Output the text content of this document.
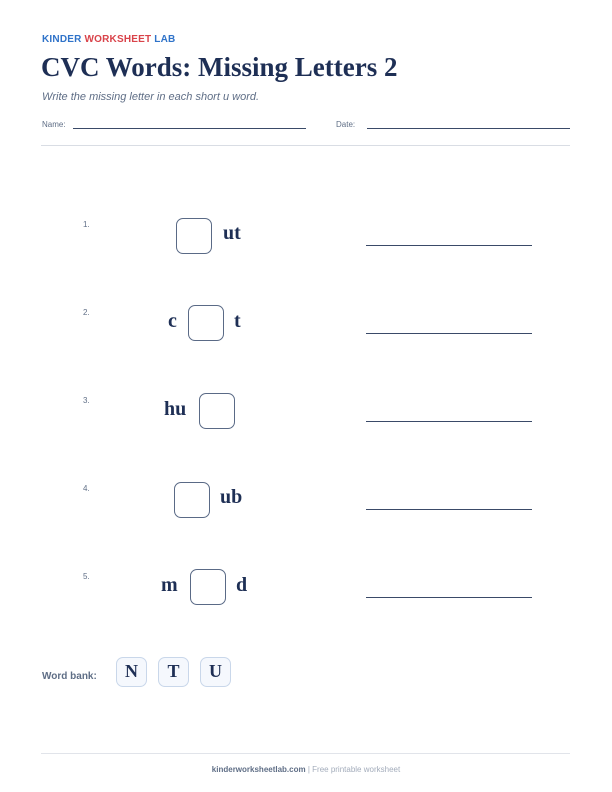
KINDER WORKSHEET LAB
CVC Words: Missing Letters 2
Write the missing letter in each short u word.
Name:	Date:
1.	ut
2.	c	t
3.	hu
4.	ub
5.	m	d
Word bank:	N	T	U
kinderworksheetlab.com | Free printable worksheet
